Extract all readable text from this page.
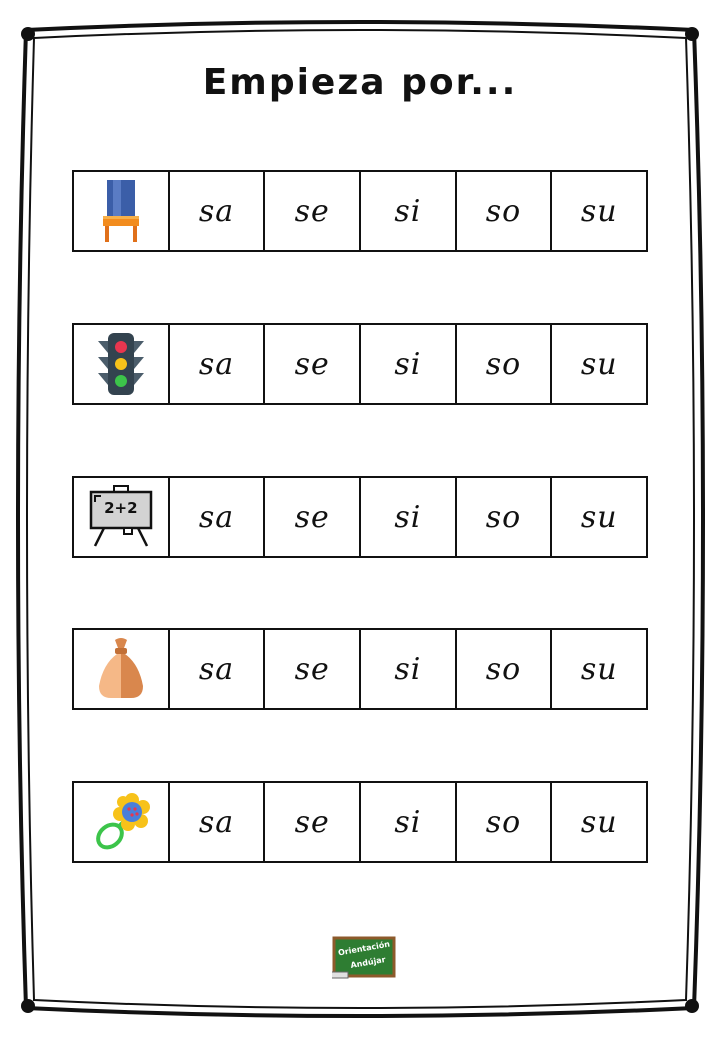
Empieza por...
sa se si so su
sa se si so su
2+2	sa se si so su
sa se si so su
sa se si so su
Orientación
Andújar
